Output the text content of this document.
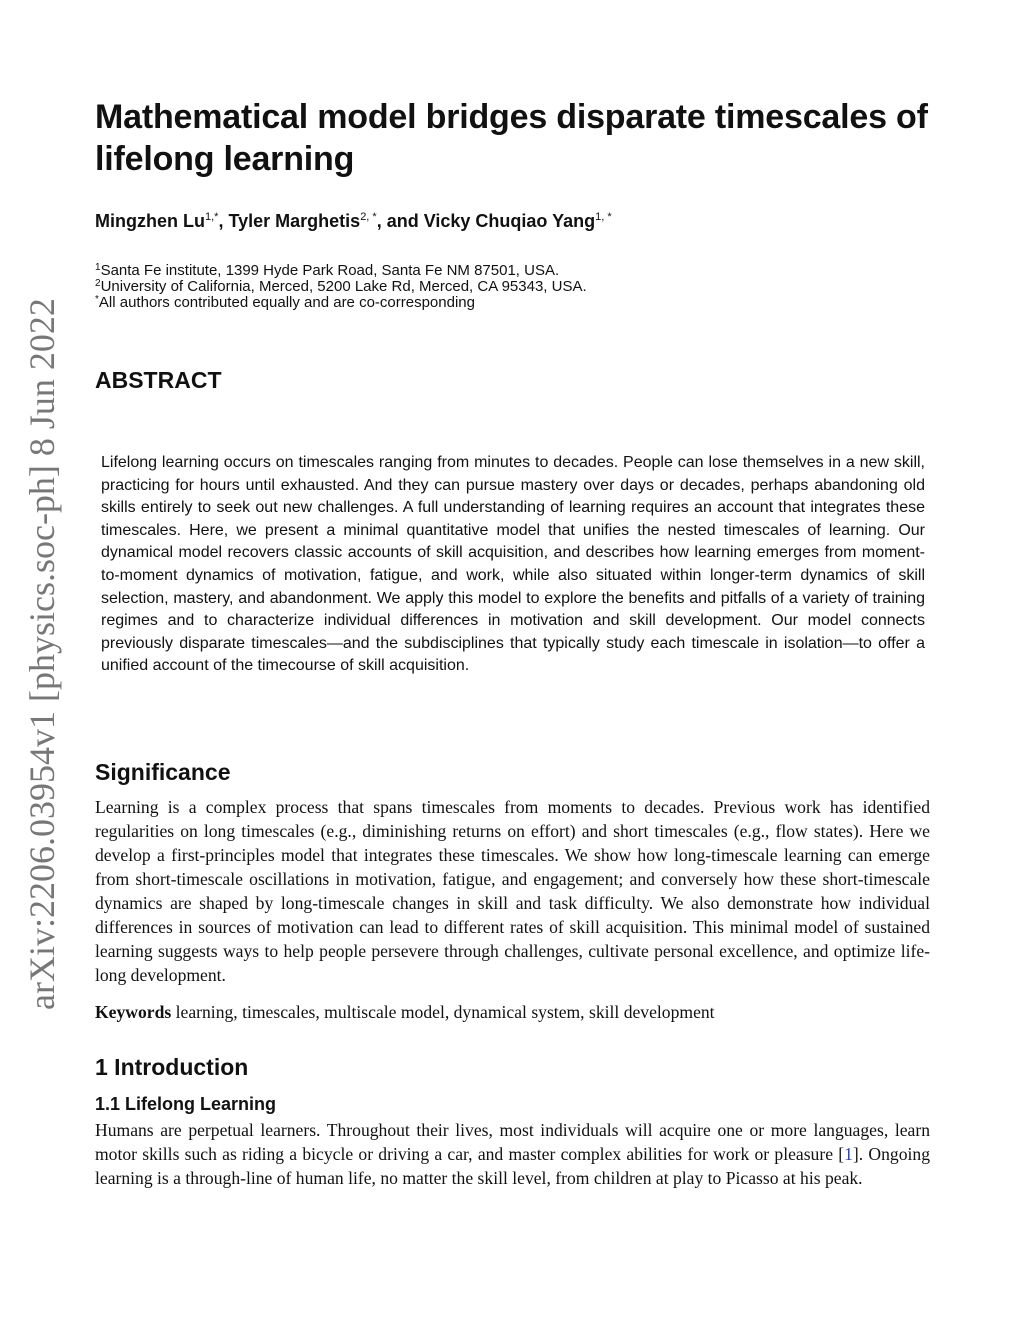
arXiv:2206.03954v1 [physics.soc-ph] 8 Jun 2022
Mathematical model bridges disparate timescales of lifelong learning
Mingzhen $Lu^{1,*}$, Tyler Marghetis$^{2, *}$, and Vicky Chuqiao Yang$^{1, *}$
$^1$Santa Fe institute, 1399 Hyde Park Road, Santa Fe NM 87501, USA.
$^2$University of California, Merced, 5200 Lake Rd, Merced, CA 95343, USA.
*All authors contributed equally and are co-corresponding
ABSTRACT

Lifelong learning occurs on timescales ranging from minutes to decades. People can lose themselves in a new skill, practicing for hours until exhausted. And they can pursue mastery over days or decades, perhaps abandoning old skills entirely to seek out new challenges. A full understanding of learning requires an account that integrates these timescales. Here, we present a minimal quantitative model that unifies the nested timescales of learning. Our dynamical model recovers classic accounts of skill acquisition, and describes how learning emerges from moment-to-moment dynamics of motivation, fatigue, and work, while also situated within longer-term dynamics of skill selection, mastery, and abandonment. We apply this model to explore the benefits and pitfalls of a variety of training regimes and to characterize individual differences in motivation and skill development. Our model connects previously disparate timescales—and the subdisciplines that typically study each timescale in isolation—to offer a unified account of the timecourse of skill acquisition.

Significance

Learning is a complex process that spans timescales from moments to decades. Previous work has identified regularities on long timescales (e.g., diminishing returns on effort) and short timescales (e.g., flow states). Here we develop a first-principles model that integrates these timescales. We show how long-timescale learning can emerge from short-timescale oscillations in motivation, fatigue, and engagement; and conversely how these short-timescale dynamics are shaped by long-timescale changes in skill and task difficulty. We also demonstrate how individual differences in sources of motivation can lead to different rates of skill acquisition. This minimal model of sustained learning suggests ways to help people persevere through challenges, cultivate personal excellence, and optimize life-long development.

Keywords learning, timescales, multiscale model, dynamical system, skill development

1 Introduction
1.1 Lifelong Learning

Humans are perpetual learners. Throughout their lives, most individuals will acquire one or more languages, learn motor skills such as riding a bicycle or driving a car, and master complex abilities for work or pleasure [1]. Ongoing learning is a through-line of human life, no matter the skill level, from children at play to Picasso at his peak.
